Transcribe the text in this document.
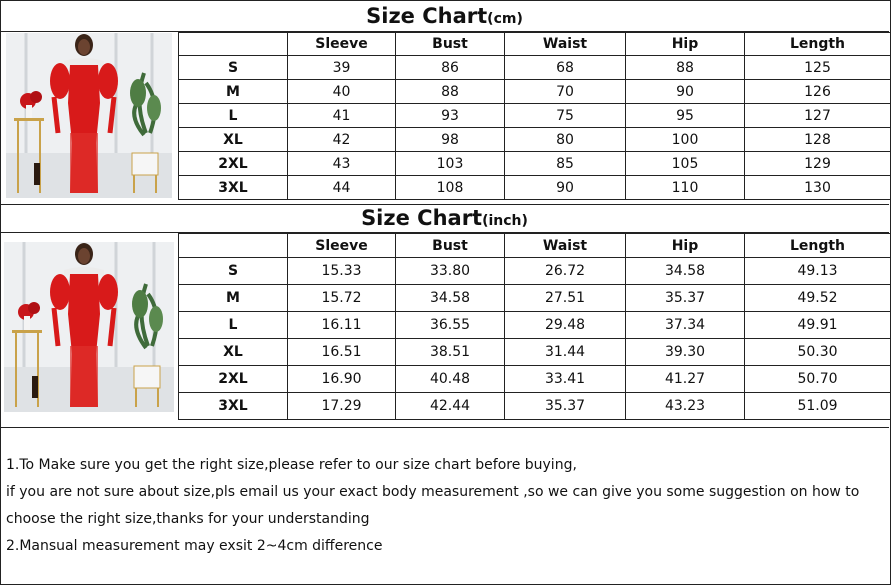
Size Chart(cm)
	Sleeve	Bust	Waist	Hip	Length
S	39	86	68	88	125
M	40	88	70	90	126
L	41	93	75	95	127
XL	42	98	80	100	128
2XL	43	103	85	105	129
3XL	44	108	90	110	130
Size Chart(inch)
	Sleeve	Bust	Waist	Hip	Length
S	15.33	33.80	26.72	34.58	49.13
M	15.72	34.58	27.51	35.37	49.52
L	16.11	36.55	29.48	37.34	49.91
XL	16.51	38.51	31.44	39.30	50.30
2XL	16.90	40.48	33.41	41.27	50.70
3XL	17.29	42.44	35.37	43.23	51.09

1.To Make sure you get the right size,please refer to our size chart before buying,

if you are not sure about size,pls email us your exact body measurement ,so we can give you some suggestion on how to

choose the right size,thanks for your understanding

2.Mansual measurement may exsit 2~4cm difference
